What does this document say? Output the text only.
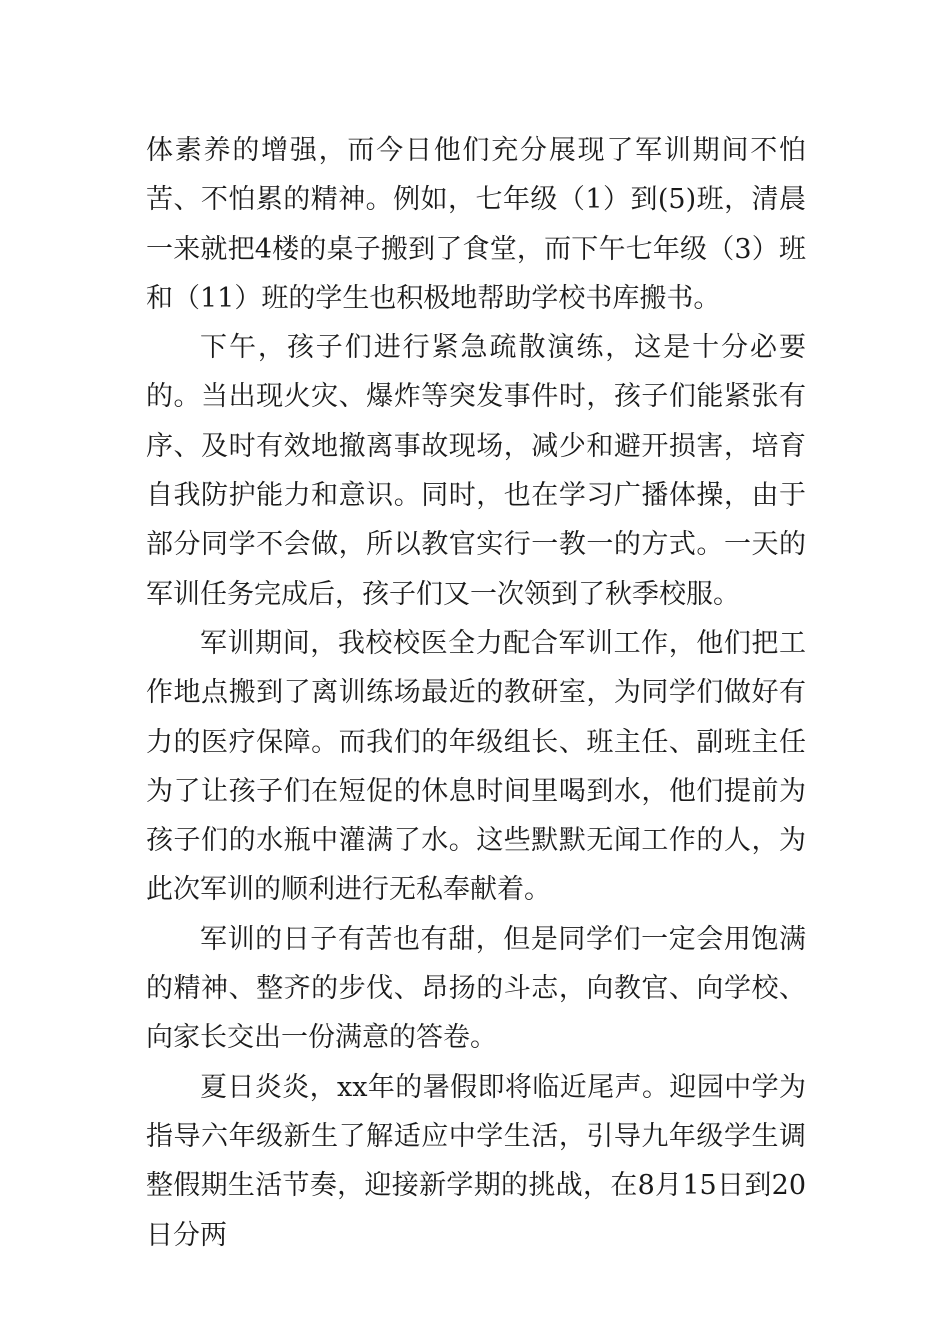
体素养的增强，而今日他们充分展现了军训期间不怕苦、不怕累的精神。例如，七年级（1）到(5)班，清晨一来就把4楼的桌子搬到了食堂，而下午七年级（3）班和（11）班的学生也积极地帮助学校书库搬书。

下午，孩子们进行紧急疏散演练，这是十分必要的。当出现火灾、爆炸等突发事件时，孩子们能紧张有序、及时有效地撤离事故现场，减少和避开损害，培育自我防护能力和意识。同时，也在学习广播体操，由于部分同学不会做，所以教官实行一教一的方式。一天的军训任务完成后，孩子们又一次领到了秋季校服。

军训期间，我校校医全力配合军训工作，他们把工作地点搬到了离训练场最近的教研室，为同学们做好有力的医疗保障。而我们的年级组长、班主任、副班主任为了让孩子们在短促的休息时间里喝到水，他们提前为孩子们的水瓶中灌满了水。这些默默无闻工作的人，为此次军训的顺利进行无私奉献着。

军训的日子有苦也有甜，但是同学们一定会用饱满的精神、整齐的步伐、昂扬的斗志，向教官、向学校、向家长交出一份满意的答卷。

夏日炎炎，xx年的暑假即将临近尾声。迎园中学为指导六年级新生了解适应中学生活，引导九年级学生调整假期生活节奏，迎接新学期的挑战，在8月15日到20日分两
